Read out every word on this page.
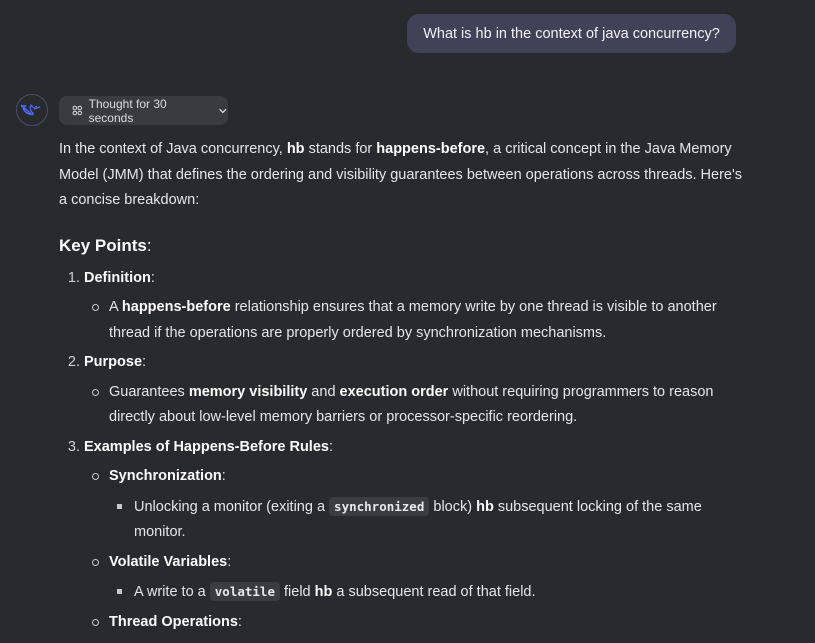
What is hb in the context of java concurrency?
Thought for 30 seconds

In the context of Java concurrency, hb stands for happens-before, a critical concept in the Java Memory Model (JMM) that defines the ordering and visibility guarantees between operations across threads. Here's a concise breakdown:

Key Points:
1. Definition:
A happens-before relationship ensures that a memory write by one thread is visible to another thread if the operations are properly ordered by synchronization mechanisms.
2. Purpose:
Guarantees memory visibility and execution order without requiring programmers to reason directly about low-level memory barriers or processor-specific reordering.
3. Examples of Happens-Before Rules:
Synchronization:
Unlocking a monitor (exiting a synchronized block) hb subsequent locking of the same monitor.
Volatile Variables:
A write to a volatile field hb a subsequent read of that field.
Thread Operations:
